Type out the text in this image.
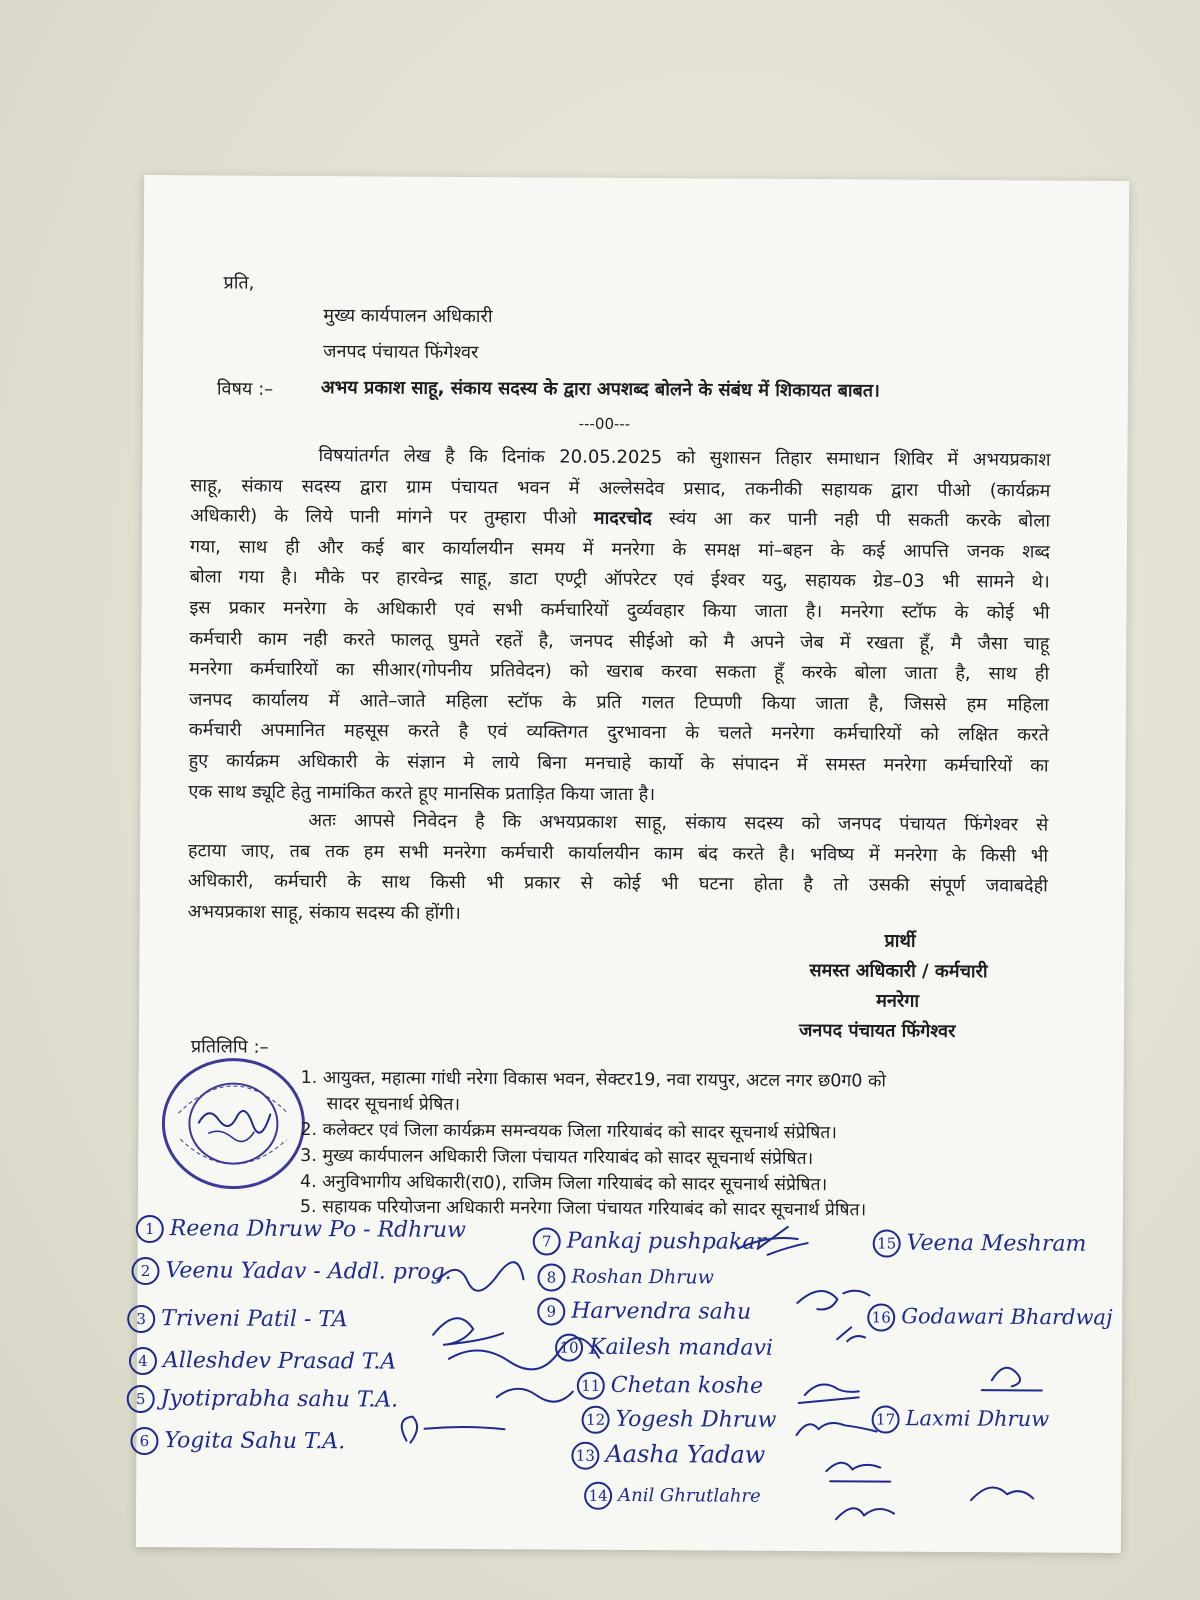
प्रति,
मुख्य कार्यपालन अधिकारी
जनपद पंचायत फिंगेश्वर
विषय :–	अभय प्रकाश साहू, संकाय सदस्य के द्वारा अपशब्द बोलने के संबंध में शिकायत बाबत।
---00---

विषयांतर्गत लेख है कि दिनांक 20.05.2025 को सुशासन तिहार समाधान शिविर में अभयप्रकाश

साहू, संकाय सदस्य द्वारा ग्राम पंचायत भवन में अल्लेसदेव प्रसाद, तकनीकी सहायक द्वारा पीओ (कार्यक्रम

अधिकारी) के लिये पानी मांगने पर तुम्हारा पीओ मादरचोद स्वंय आ कर पानी नही पी सकती करके बोला

गया, साथ ही और कई बार कार्यालयीन समय में मनरेगा के समक्ष मां–बहन के कई आपत्ति जनक शब्द

बोला गया है। मौके पर हारवेन्द्र साहू, डाटा एण्ट्री ऑपरेटर एवं ईश्वर यदु, सहायक ग्रेड–03 भी सामने थे।

इस प्रकार मनरेगा के अधिकारी एवं सभी कर्मचारियों दुर्व्यवहार किया जाता है। मनरेगा स्टॉफ के कोई भी

कर्मचारी काम नही करते फालतू घुमते रहतें है, जनपद सीईओ को मै अपने जेब में रखता हूँ, मै जैसा चाहू

मनरेगा कर्मचारियों का सीआर(गोपनीय प्रतिवेदन) को खराब करवा सकता हूँ करके बोला जाता है, साथ ही

जनपद कार्यालय में आते–जाते महिला स्टॉफ के प्रति गलत टिप्पणी किया जाता है, जिससे हम महिला

कर्मचारी अपमानित महसूस करते है एवं व्यक्तिगत दुरभावना के चलते मनरेगा कर्मचारियों को लक्षित करते

हुए कार्यक्रम अधिकारी के संज्ञान मे लाये बिना मनचाहे कार्यो के संपादन में समस्त मनरेगा कर्मचारियों का

एक साथ ड्यूटि हेतु नामांकित करते हूए मानसिक प्रताड़ित किया जाता है।

अतः आपसे निवेदन है कि अभयप्रकाश साहू, संकाय सदस्य को जनपद पंचायत फिंगेश्वर से

हटाया जाए, तब तक हम सभी मनरेगा कर्मचारी कार्यालयीन काम बंद करते है। भविष्य में मनरेगा के किसी भी

अधिकारी, कर्मचारी के साथ किसी भी प्रकार से कोई भी घटना होता है तो उसकी संपूर्ण जवाबदेही

अभयप्रकाश साहू, संकाय सदस्य की होंगी।

प्रार्थी
समस्त अधिकारी / कर्मचारी
मनरेगा
जनपद पंचायत फिंगेश्वर
प्रतिलिपि :–
1. आयुक्त, महात्मा गांधी नरेगा विकास भवन, सेक्टर19, नवा रायपुर, अटल नगर छ0ग0 को
सादर सूचनार्थ प्रेषित।
2. कलेक्टर एवं जिला कार्यक्रम समन्वयक जिला गरियाबंद को सादर सूचनार्थ संप्रेषित।
3. मुख्य कार्यपालन अधिकारी जिला पंचायत गरियाबंद को सादर सूचनार्थ संप्रेषित।
4. अनुविभागीय अधिकारी(रा0), राजिम जिला गरियाबंद को सादर सूचनार्थ संप्रेषित।
5. सहायक परियोजना अधिकारी मनरेगा जिला पंचायत गरियाबंद को सादर सूचनार्थ प्रेषित।
1 Reena Dhruw Po - Rdhruw
2 Veenu Yadav - Addl. prog.
3 Triveni Patil - TA
4 Alleshdev Prasad T.A
5 Jyotiprabha sahu T.A.
6 Yogita Sahu T.A.
7 Pankaj pushpakar
8 Roshan Dhruw
9 Harvendra sahu
10 Kailesh mandavi
11 Chetan koshe
12 Yogesh Dhruw
13 Aasha Yadaw
14 Anil Ghrutlahre
15 Veena Meshram
16 Godawari Bhardwaj
17 Laxmi Dhruw
